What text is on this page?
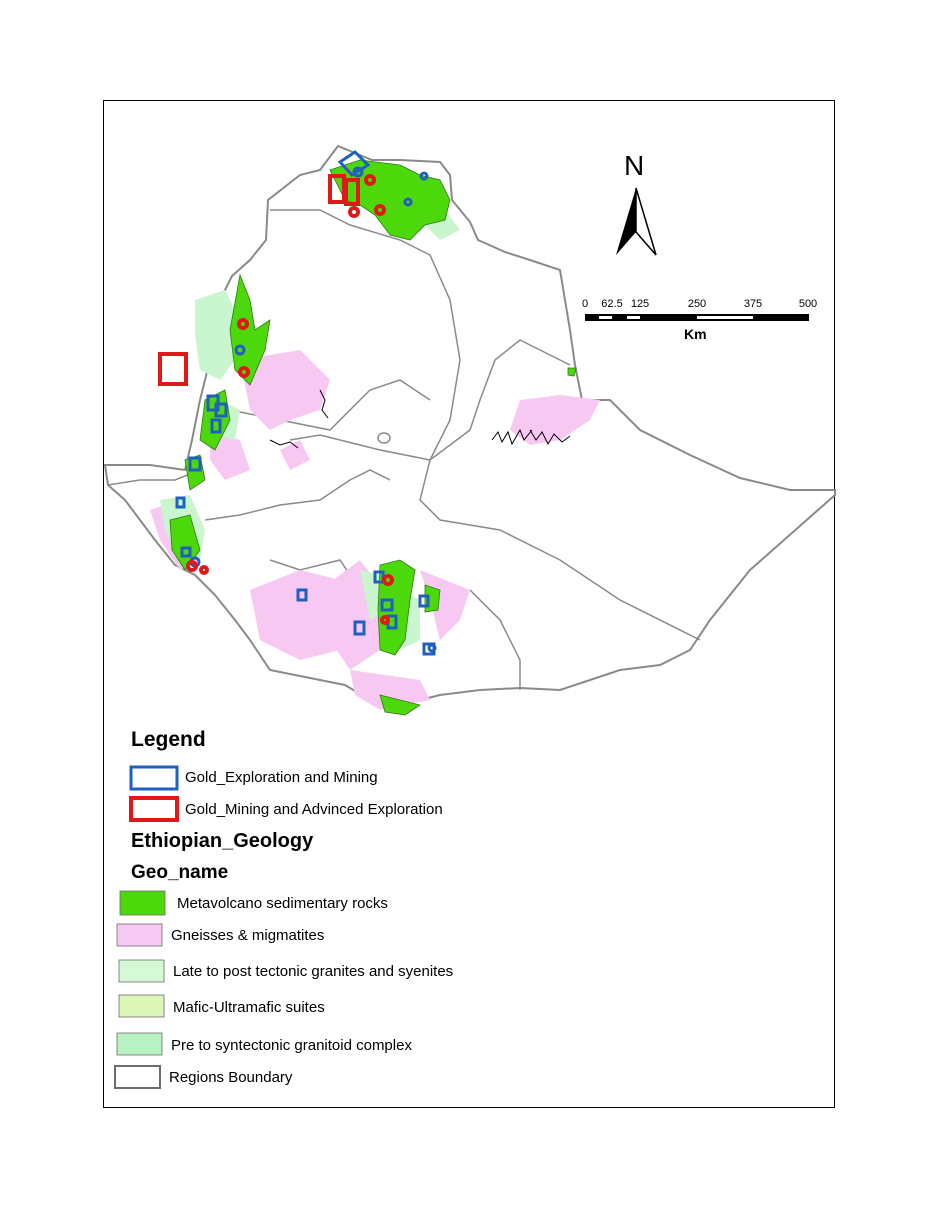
N
0 62.5 125	250	375	500
Km
Legend
Gold_Exploration and Mining
Gold_Mining and Advinced Exploration
Ethiopian_Geology
Geo_name
Metavolcano sedimentary rocks
Gneisses & migmatites
Late to post tectonic granites and syenites
Mafic-Ultramafic suites
Pre to syntectonic granitoid complex
Regions Boundary
